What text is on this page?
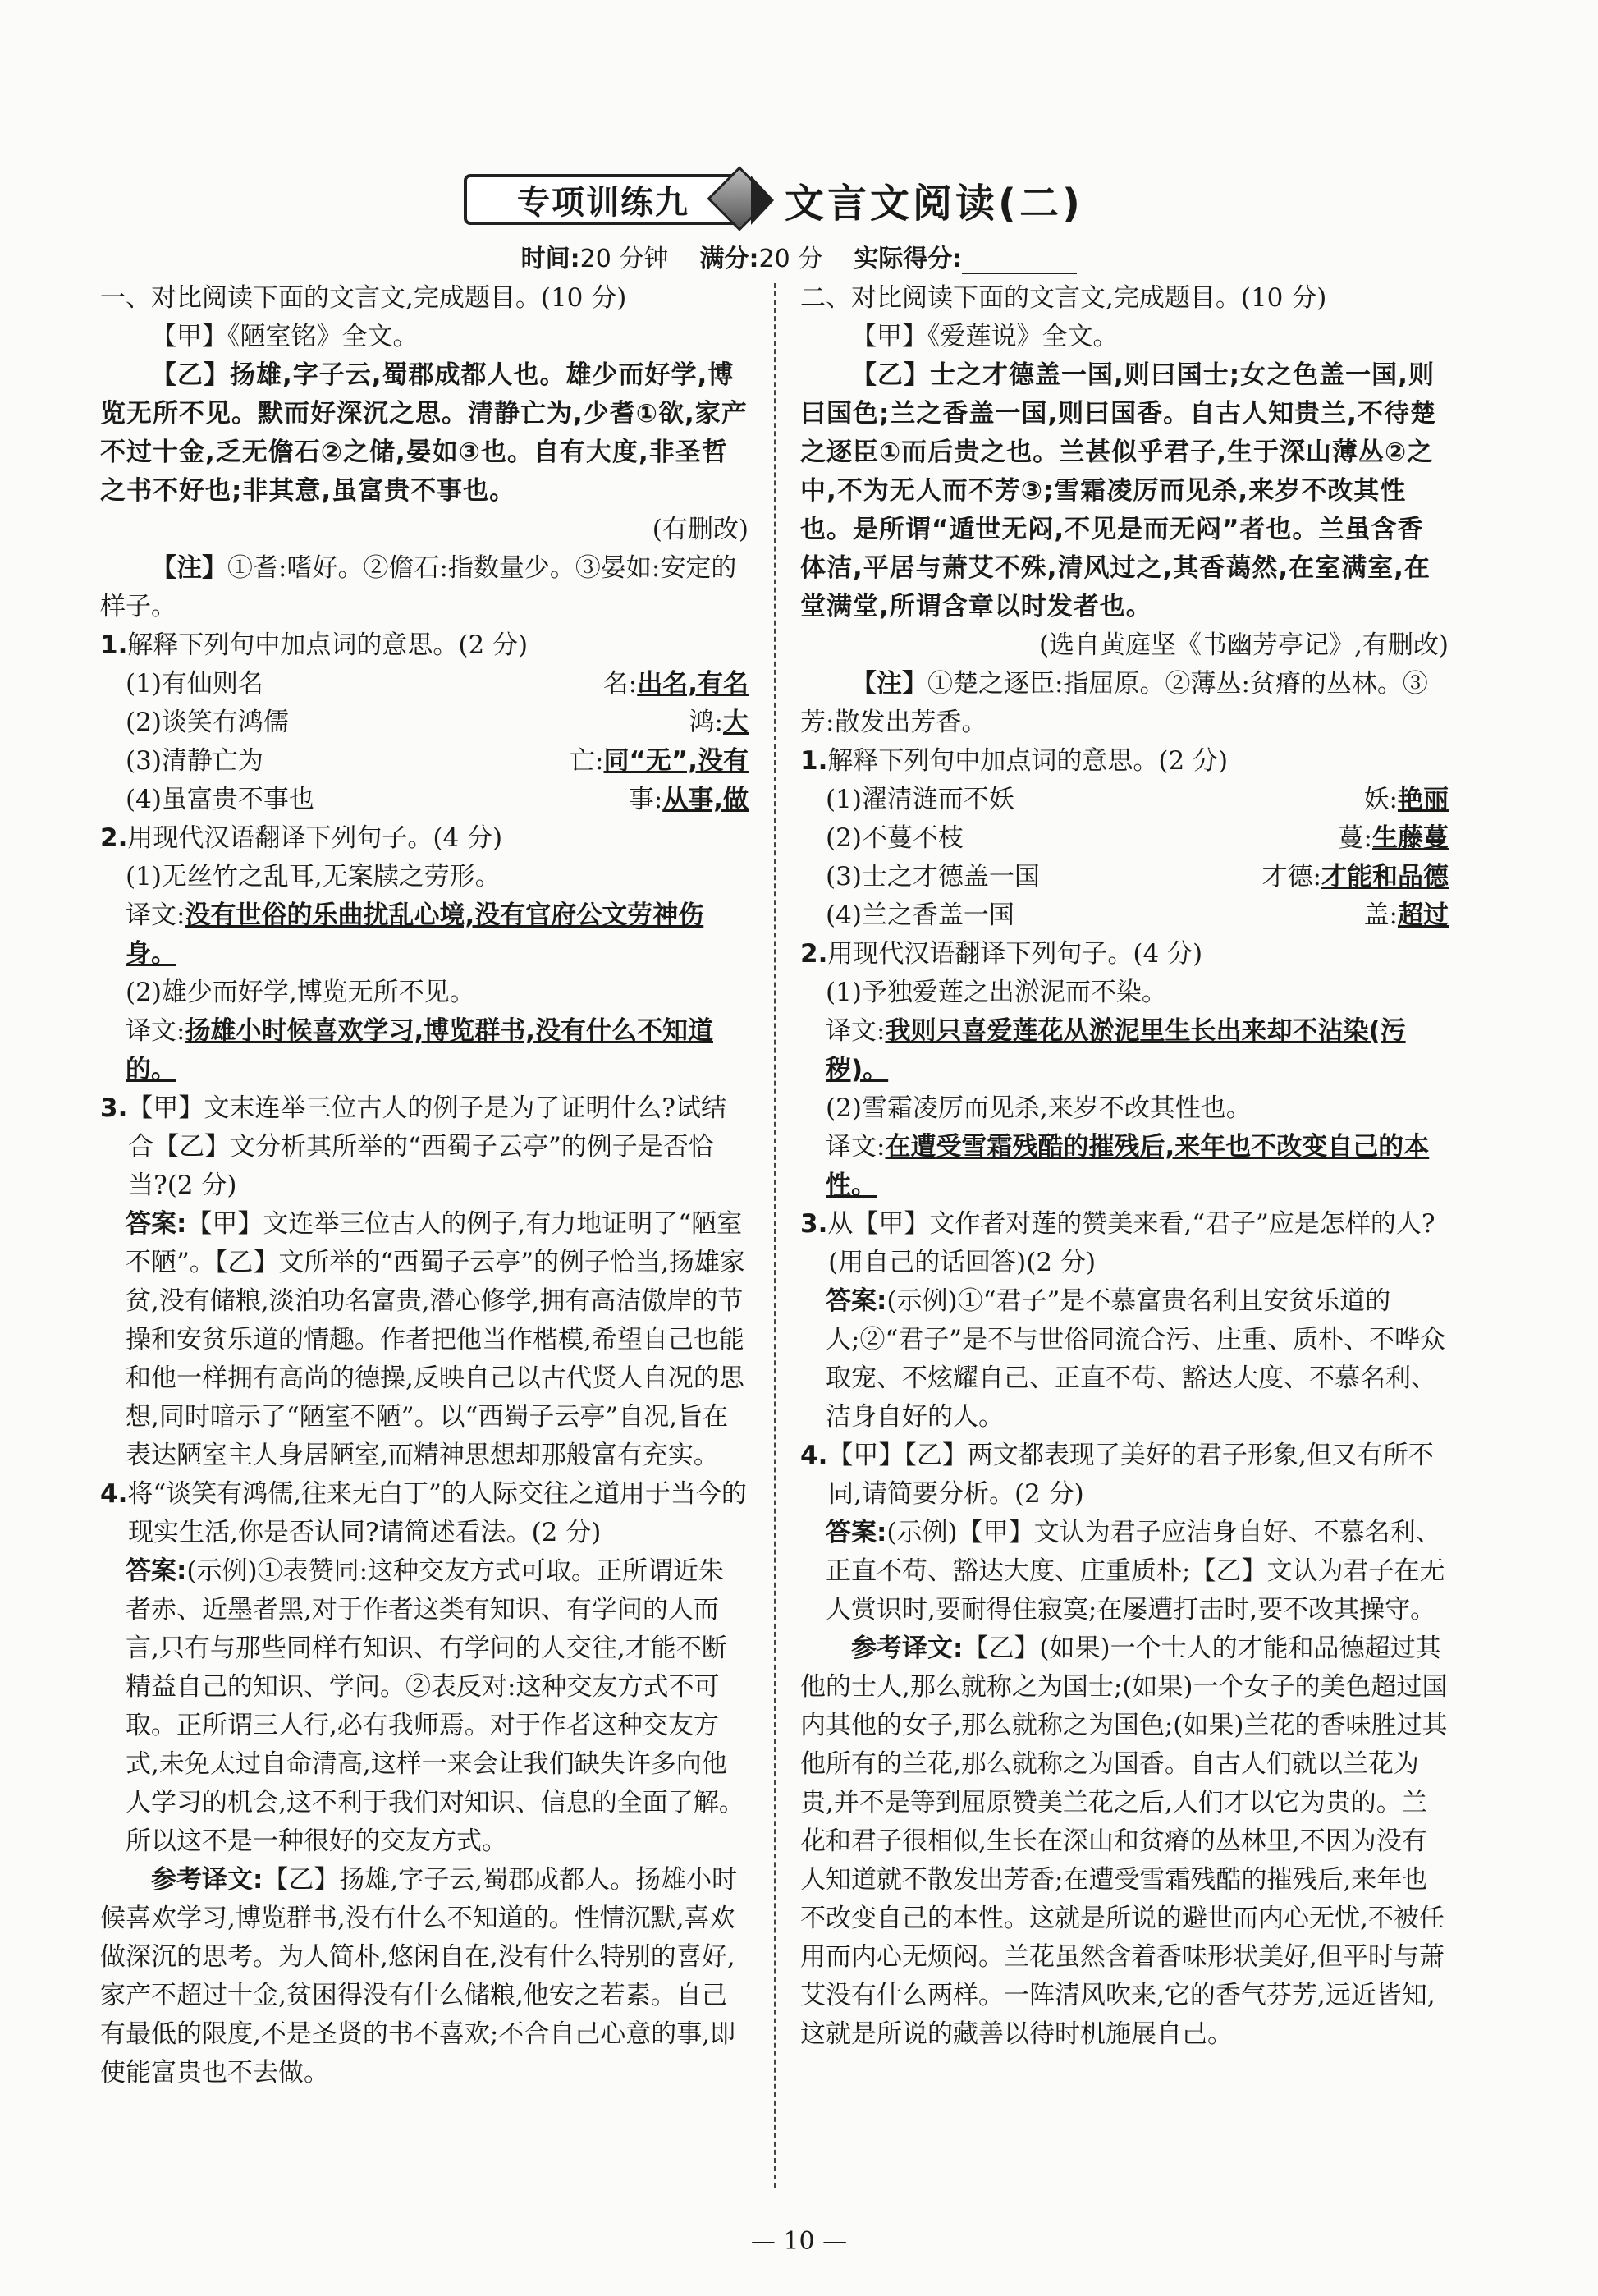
专项训练九	文言文阅读(二)
时间:20 分钟 满分:20 分 实际得分:

一、对比阅读下面的文言文,完成题目。(10 分)

【甲】《陋室铭》全文。

【乙】扬雄,字子云,蜀郡成都人也。雄少而好学,博览无所不见。默而好深沉之思。清静亡为,少耆①欲,家产不过十金,乏无儋石②之储,晏如③也。自有大度,非圣哲之书不好也;非其意,虽富贵不事也。

(有删改)

【注】①耆:嗜好。②儋石:指数量少。③晏如:安定的样子。

1.解释下列句中加点词的意思。(2 分)

(1)有仙则名	名:出名,有名
(2)谈笑有鸿儒	鸿:大
(3)清静亡为	亡:同“无”,没有
(4)虽富贵不事也	事:从事,做

2.用现代汉语翻译下列句子。(4 分)

(1)无丝竹之乱耳,无案牍之劳形。

译文:没有世俗的乐曲扰乱心境,没有官府公文劳神伤身。

(2)雄少而好学,博览无所不见。

译文:扬雄小时候喜欢学习,博览群书,没有什么不知道的。

3.【甲】文末连举三位古人的例子是为了证明什么?试结合【乙】文分析其所举的“西蜀子云亭”的例子是否恰当?(2 分)

答案:【甲】文连举三位古人的例子,有力地证明了“陋室不陋”。【乙】文所举的“西蜀子云亭”的例子恰当,扬雄家贫,没有储粮,淡泊功名富贵,潜心修学,拥有高洁傲岸的节操和安贫乐道的情趣。作者把他当作楷模,希望自己也能和他一样拥有高尚的德操,反映自己以古代贤人自况的思想,同时暗示了“陋室不陋”。以“西蜀子云亭”自况,旨在表达陋室主人身居陋室,而精神思想却那般富有充实。

4.将“谈笑有鸿儒,往来无白丁”的人际交往之道用于当今的现实生活,你是否认同?请简述看法。(2 分)

答案:(示例)①表赞同:这种交友方式可取。正所谓近朱者赤、近墨者黑,对于作者这类有知识、有学问的人而言,只有与那些同样有知识、有学问的人交往,才能不断精益自己的知识、学问。②表反对:这种交友方式不可取。正所谓三人行,必有我师焉。对于作者这种交友方式,未免太过自命清高,这样一来会让我们缺失许多向他人学习的机会,这不利于我们对知识、信息的全面了解。所以这不是一种很好的交友方式。

参考译文:【乙】扬雄,字子云,蜀郡成都人。扬雄小时候喜欢学习,博览群书,没有什么不知道的。性情沉默,喜欢做深沉的思考。为人简朴,悠闲自在,没有什么特别的喜好,家产不超过十金,贫困得没有什么储粮,他安之若素。自己有最低的限度,不是圣贤的书不喜欢;不合自己心意的事,即使能富贵也不去做。

二、对比阅读下面的文言文,完成题目。(10 分)

【甲】《爱莲说》全文。

【乙】士之才德盖一国,则曰国士;女之色盖一国,则曰国色;兰之香盖一国,则曰国香。自古人知贵兰,不待楚之逐臣①而后贵之也。兰甚似乎君子,生于深山薄丛②之中,不为无人而不芳③;雪霜凌厉而见杀,来岁不改其性也。是所谓“遁世无闷,不见是而无闷”者也。兰虽含香体洁,平居与萧艾不殊,清风过之,其香蔼然,在室满室,在堂满堂,所谓含章以时发者也。

(选自黄庭坚《书幽芳亭记》,有删改)

【注】①楚之逐臣:指屈原。②薄丛:贫瘠的丛林。③芳:散发出芳香。

1.解释下列句中加点词的意思。(2 分)

(1)濯清涟而不妖	妖:艳丽
(2)不蔓不枝	蔓:生藤蔓
(3)士之才德盖一国	才德:才能和品德
(4)兰之香盖一国	盖:超过

2.用现代汉语翻译下列句子。(4 分)

(1)予独爱莲之出淤泥而不染。

译文:我则只喜爱莲花从淤泥里生长出来却不沾染(污秽)。

(2)雪霜凌厉而见杀,来岁不改其性也。

译文:在遭受雪霜残酷的摧残后,来年也不改变自己的本性。

3.从【甲】文作者对莲的赞美来看,“君子”应是怎样的人?(用自己的话回答)(2 分)

答案:(示例)①“君子”是不慕富贵名利且安贫乐道的人;②“君子”是不与世俗同流合污、庄重、质朴、不哗众取宠、不炫耀自己、正直不苟、豁达大度、不慕名利、洁身自好的人。

4.【甲】【乙】两文都表现了美好的君子形象,但又有所不同,请简要分析。(2 分)

答案:(示例)【甲】文认为君子应洁身自好、不慕名利、正直不苟、豁达大度、庄重质朴;【乙】文认为君子在无人赏识时,要耐得住寂寞;在屡遭打击时,要不改其操守。

参考译文:【乙】(如果)一个士人的才能和品德超过其他的士人,那么就称之为国士;(如果)一个女子的美色超过国内其他的女子,那么就称之为国色;(如果)兰花的香味胜过其他所有的兰花,那么就称之为国香。自古人们就以兰花为贵,并不是等到屈原赞美兰花之后,人们才以它为贵的。兰花和君子很相似,生长在深山和贫瘠的丛林里,不因为没有人知道就不散发出芳香;在遭受雪霜残酷的摧残后,来年也不改变自己的本性。这就是所说的避世而内心无忧,不被任用而内心无烦闷。兰花虽然含着香味形状美好,但平时与萧艾没有什么两样。一阵清风吹来,它的香气芬芳,远近皆知,这就是所说的藏善以待时机施展自己。

— 10 —
